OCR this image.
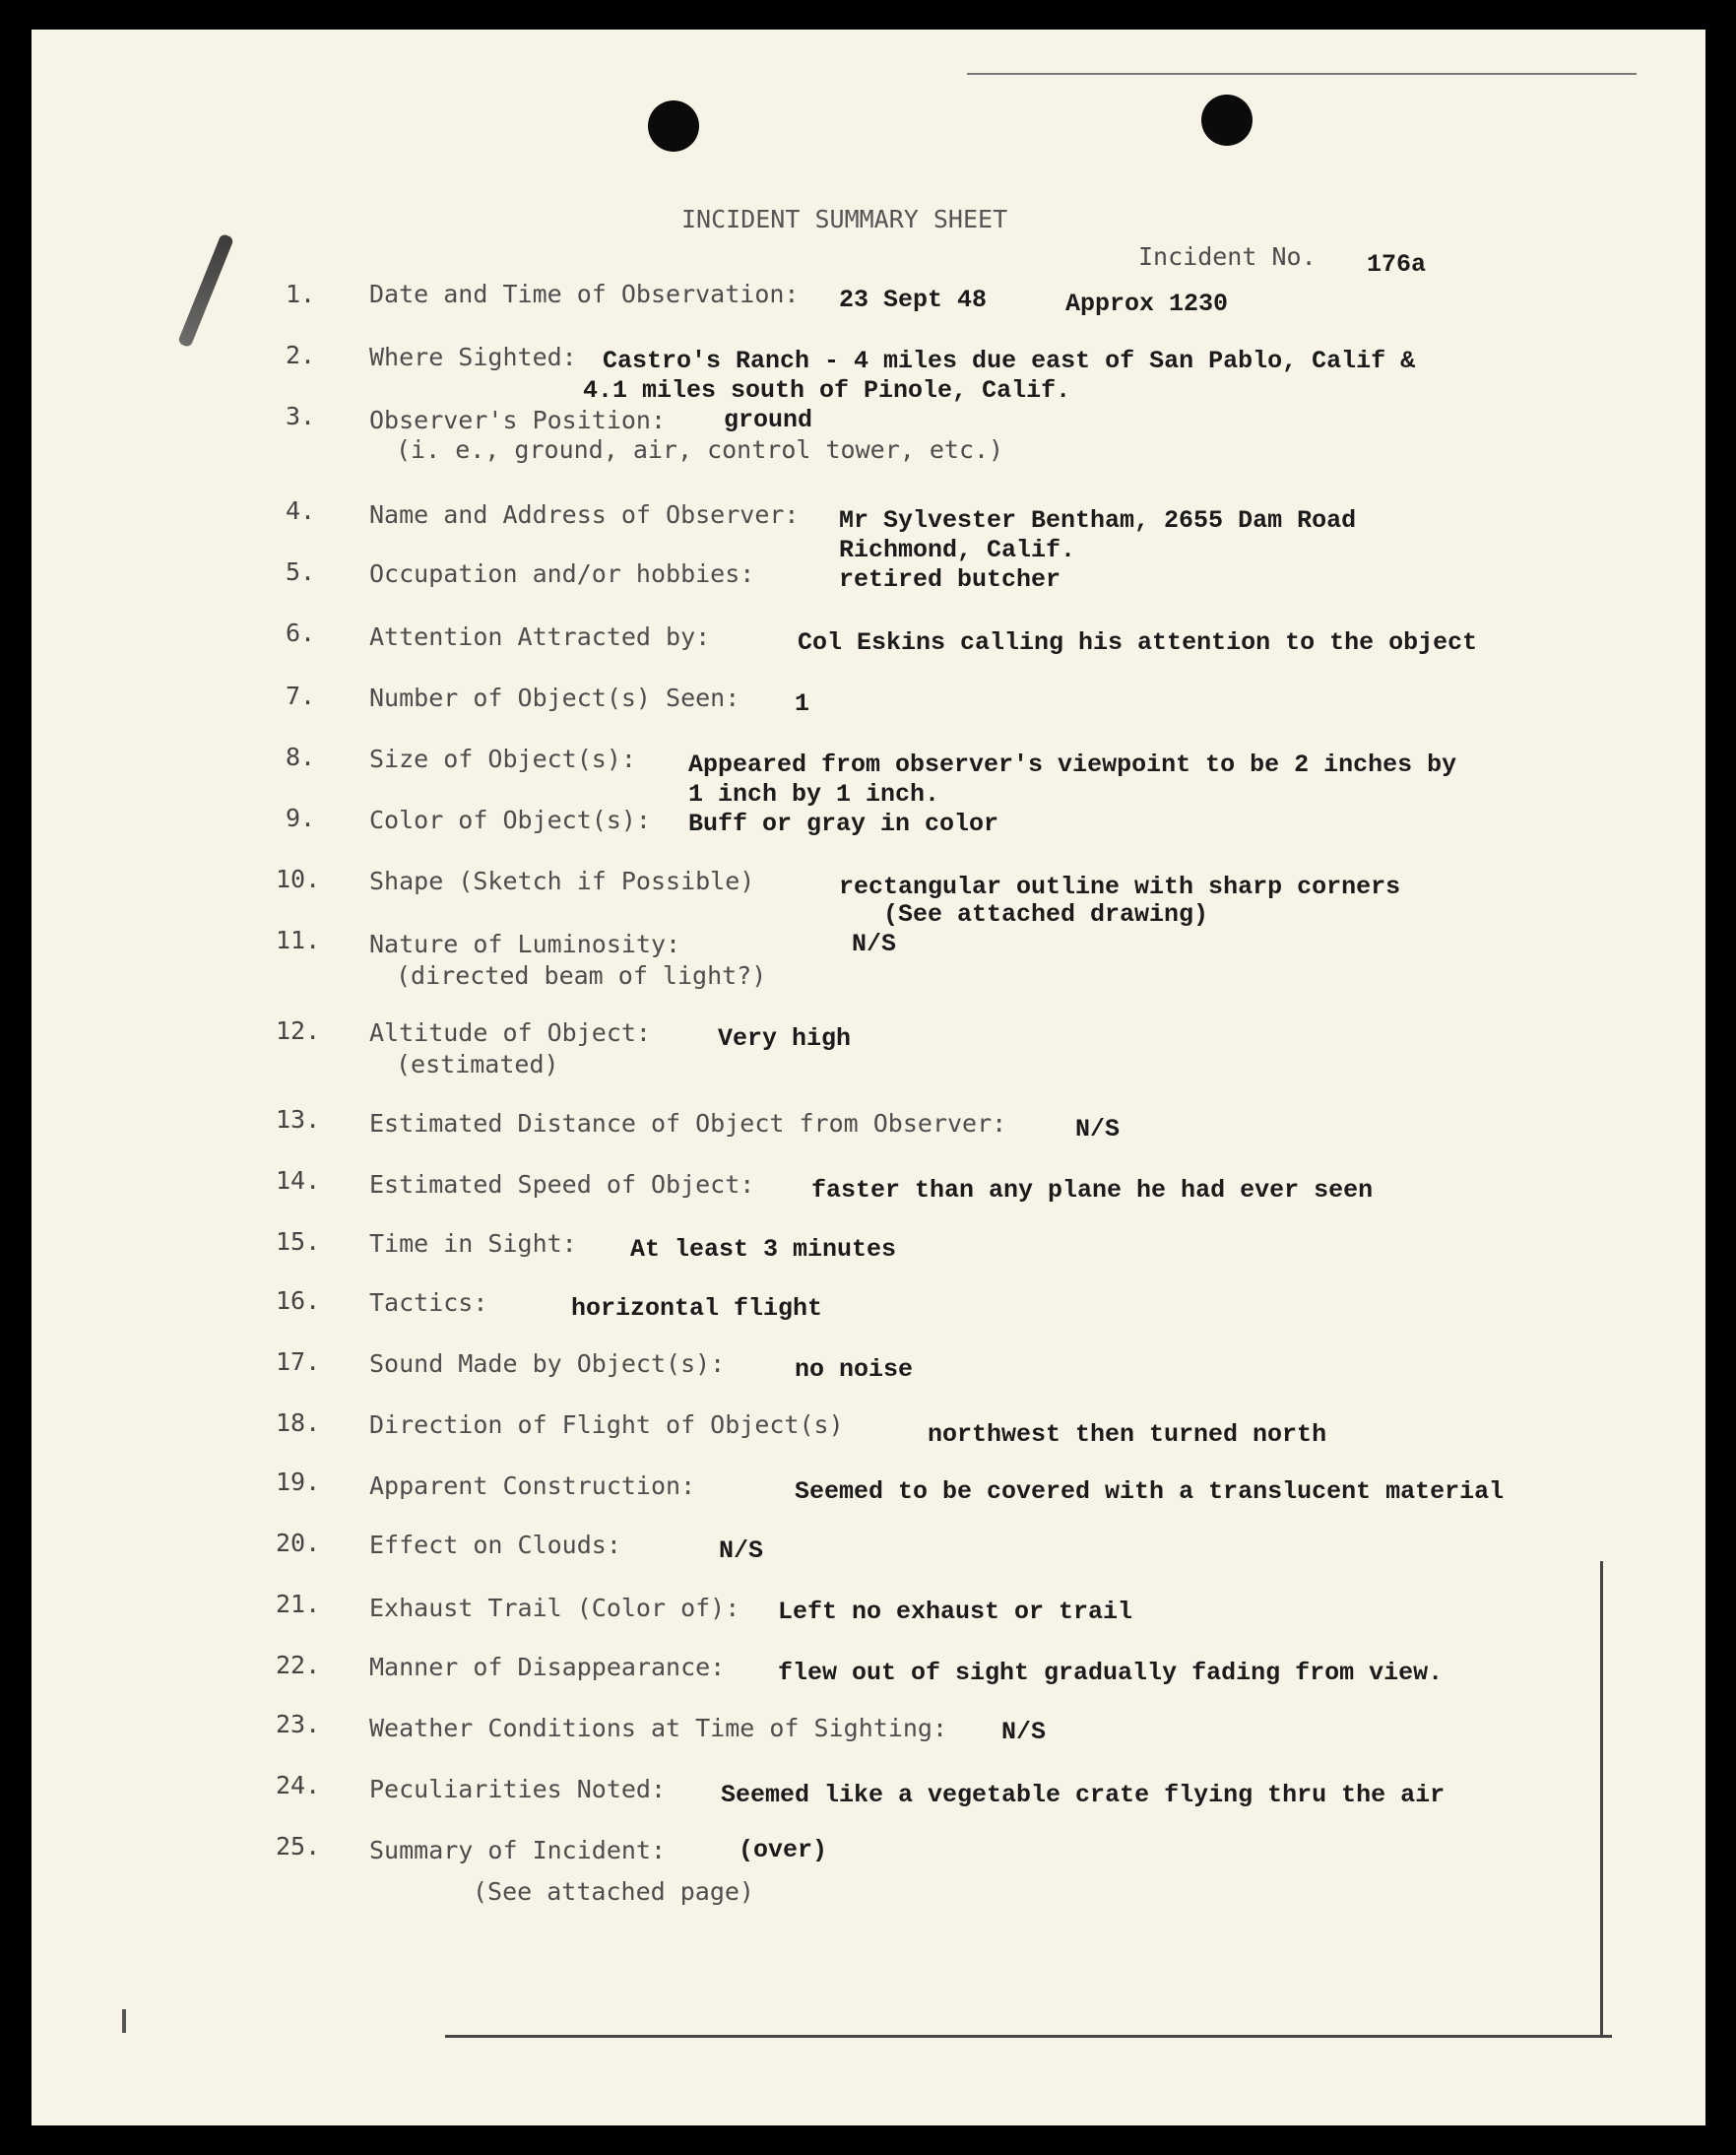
INCIDENT SUMMARY SHEET
Incident No. 176a
1. Date and Time of Observation: 23 Sept 48	Approx 1230
2. Where Sighted: Castro's Ranch - 4 miles due east of San Pablo, Calif &
4.1 miles south of Pinole, Calif.
3. Observer's Position: ground
(i. e., ground, air, control tower, etc.)
4. Name and Address of Observer: Mr Sylvester Bentham, 2655 Dam Road
Richmond, Calif.
5. Occupation and/or hobbies:	retired butcher
6. Attention Attracted by:	Col Eskins calling his attention to the object
7. Number of Object(s) Seen: 1
8. Size of Object(s): Appeared from observer's viewpoint to be 2 inches by
1 inch by 1 inch.
9. Color of Object(s): Buff or gray in color
10. Shape (Sketch if Possible)	rectangular outline with sharp corners
(See attached drawing)
11. Nature of Luminosity:	N/S
(directed beam of light?)
12. Altitude of Object:	Very high
(estimated)
13. Estimated Distance of Object from Observer:	N/S
14. Estimated Speed of Object: faster than any plane he had ever seen
15. Time in Sight: At least 3 minutes
16. Tactics:	horizontal flight
17. Sound Made by Object(s):	no noise
18. Direction of Flight of Object(s)	northwest then turned north
19. Apparent Construction:	Seemed to be covered with a translucent material
20. Effect on Clouds:	N/S
21. Exhaust Trail (Color of): Left no exhaust or trail
22. Manner of Disappearance: flew out of sight gradually fading from view.
23. Weather Conditions at Time of Sighting: N/S
24. Peculiarities Noted: Seemed like a vegetable crate flying thru the air
25. Summary of Incident:	(over)
(See attached page)
